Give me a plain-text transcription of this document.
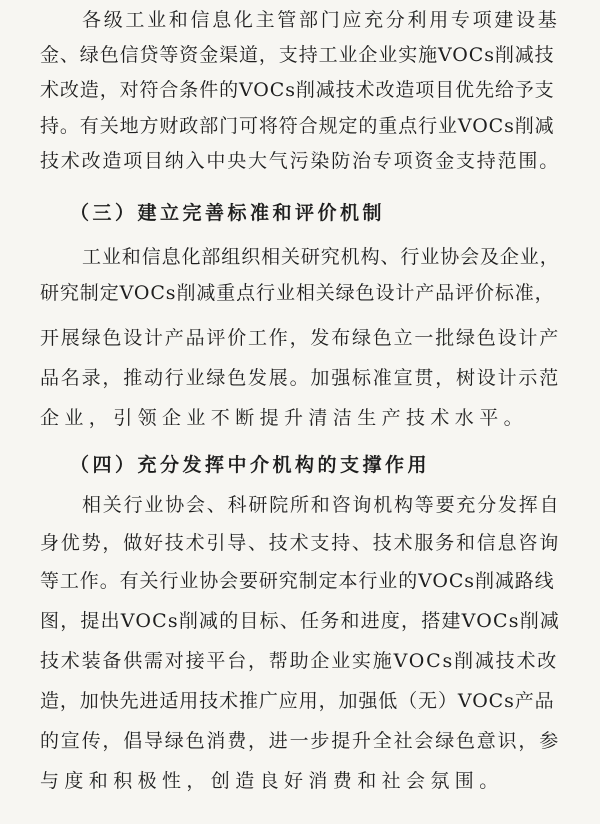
各级工业和信息化主管部门应充分利用专项建设基
金、绿色信贷等资金渠道，支持工业企业实施VOCs削减技
术改造，对符合条件的VOCs削减技术改造项目优先给予支
持。有关地方财政部门可将符合规定的重点行业VOCs削减
技术改造项目纳入中央大气污染防治专项资金支持范围。
（三）建立完善标准和评价机制
工业和信息化部组织相关研究机构、行业协会及企业，
研究制定VOCs削减重点行业相关绿色设计产品评价标准，
开展绿色设计产品评价工作，发布绿色立一批绿色设计产
品名录，推动行业绿色发展。加强标准宣贯，树设计示范
企业，引领企业不断提升清洁生产技术水平。
（四）充分发挥中介机构的支撑作用
相关行业协会、科研院所和咨询机构等要充分发挥自
身优势，做好技术引导、技术支持、技术服务和信息咨询
等工作。有关行业协会要研究制定本行业的VOCs削减路线
图，提出VOCs削减的目标、任务和进度，搭建VOCs削减
技术装备供需对接平台，帮助企业实施VOCs削减技术改
造，加快先进适用技术推广应用，加强低（无）VOCs产品
的宣传，倡导绿色消费，进一步提升全社会绿色意识，参
与度和积极性，创造良好消费和社会氛围。
